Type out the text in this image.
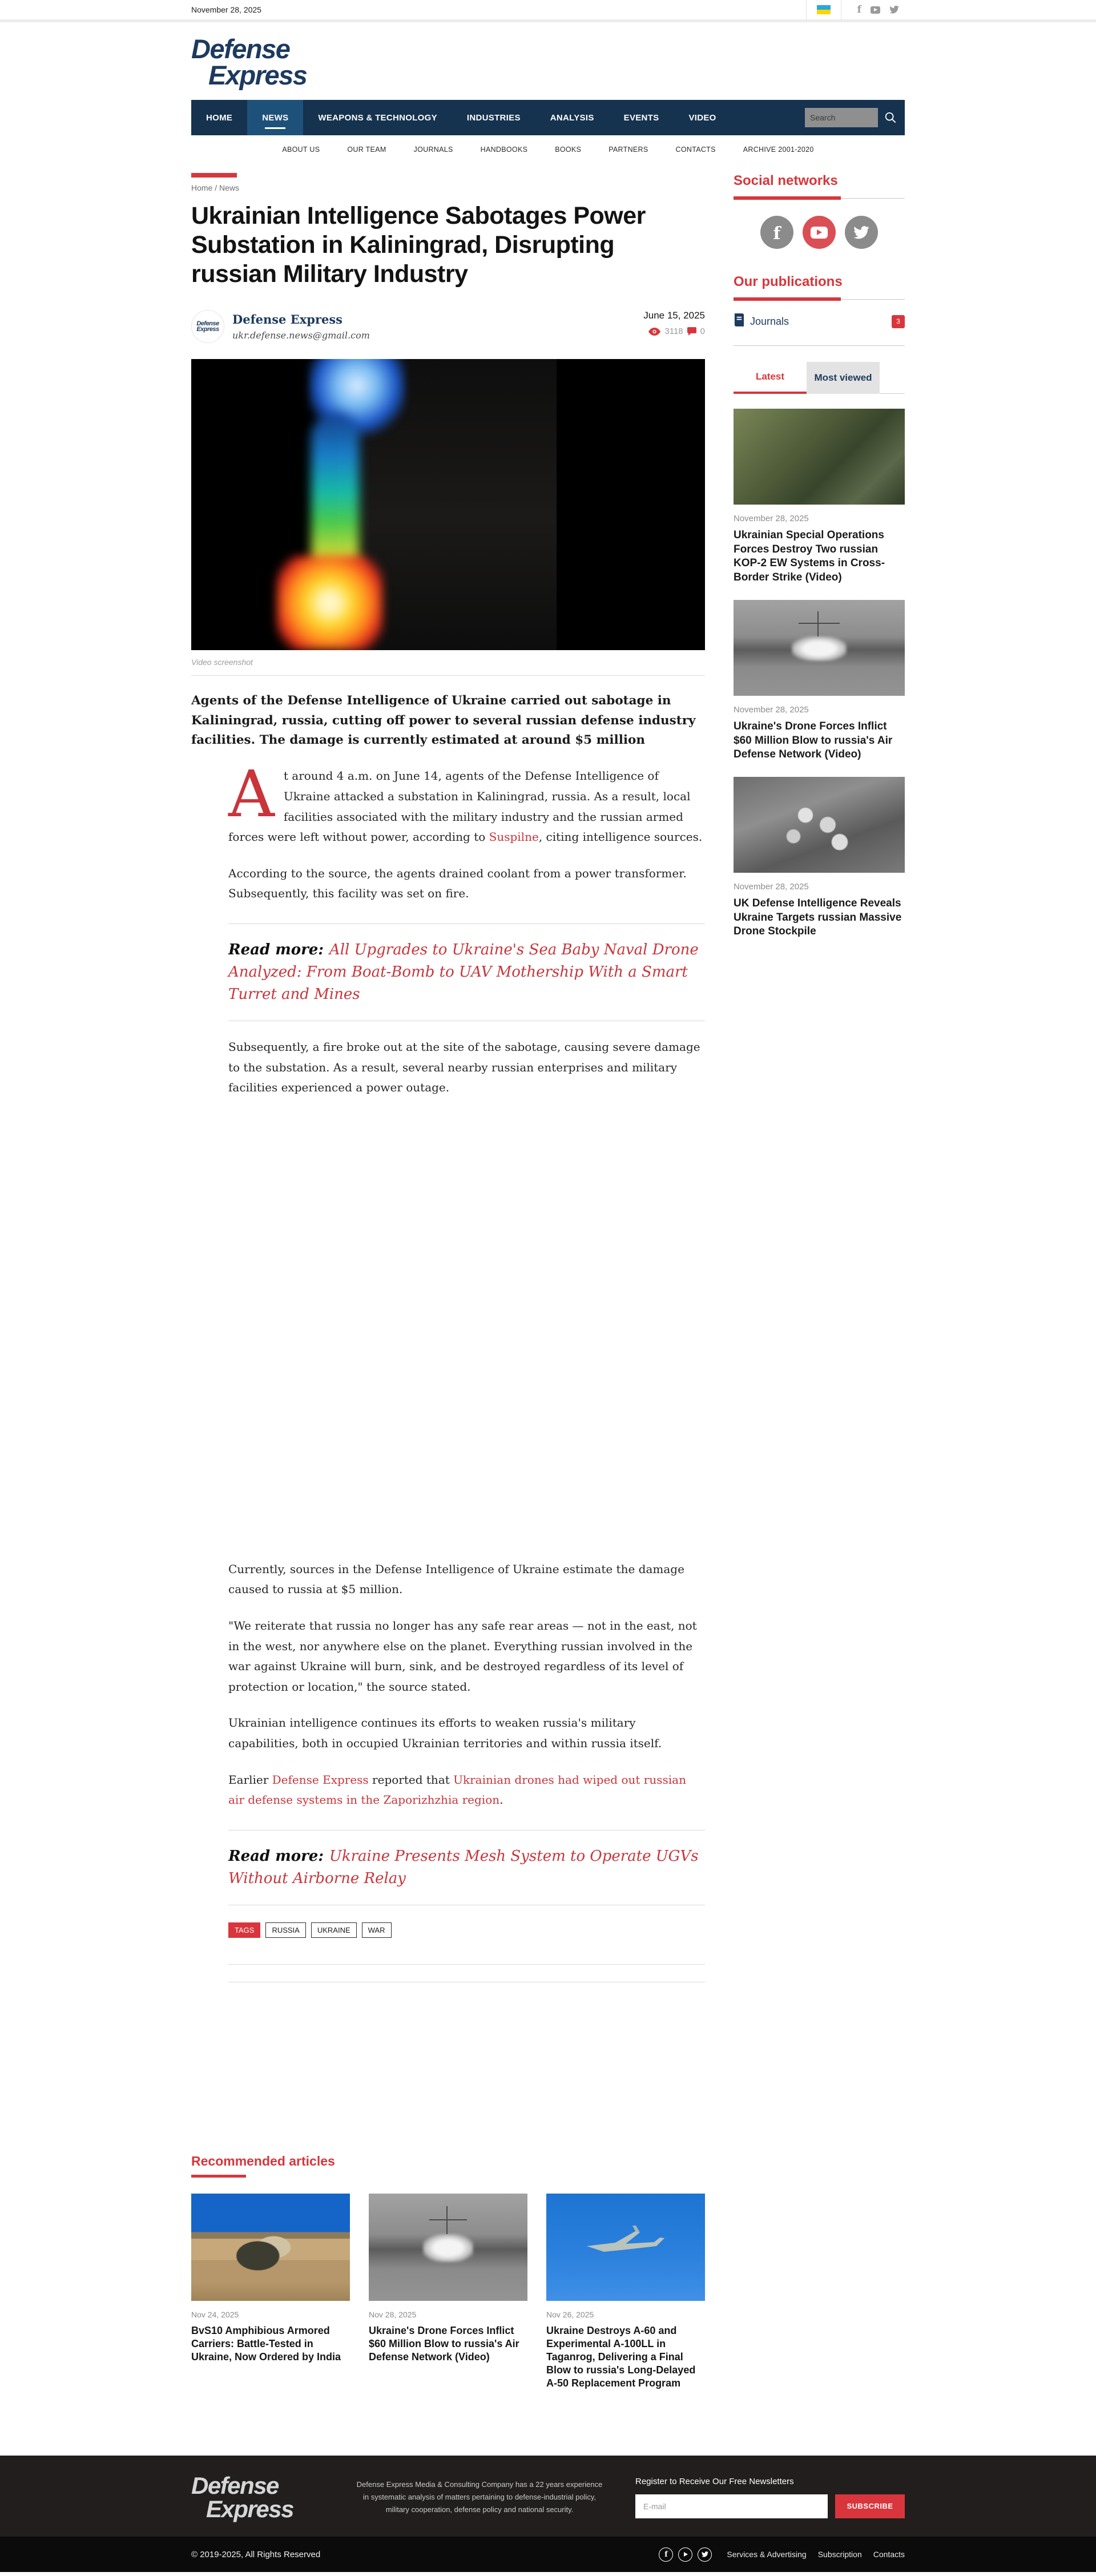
November 28, 2025	f
Defense
Express
HOME	NEWS	WEAPONS & TECHNOLOGY	INDUSTRIES	ANALYSIS	EVENTS	VIDEO
Search
ABOUT US	OUR TEAM	JOURNALS	HANDBOOKS	BOOKS	PARTNERS	CONTACTS	ARCHIVE 2001-2020
Home / News
Ukrainian Intelligence Sabotages Power Substation in Kaliningrad, Disrupting russian Military Industry
Defense
Express
Defense Express
ukr.defense.news@gmail.com
June 15, 2025
3118 0
Video screenshot

Agents of the Defense Intelligence of Ukraine carried out sabotage in Kaliningrad, russia, cutting off power to several russian defense industry facilities. The damage is currently estimated at around $5 million

At around 4 a.m. on June 14, agents of the Defense Intelligence of Ukraine attacked a substation in Kaliningrad, russia. As a result, local facilities associated with the military industry and the russian armed forces were left without power, according to Suspilne, citing intelligence sources.

According to the source, the agents drained coolant from a power transformer. Subsequently, this facility was set on fire.

Read more: All Upgrades to Ukraine's Sea Baby Naval Drone Analyzed: From Boat-Bomb to UAV Mothership With a Smart Turret and Mines

Subsequently, a fire broke out at the site of the sabotage, causing severe damage to the substation. As a result, several nearby russian enterprises and military facilities experienced a power outage.

Currently, sources in the Defense Intelligence of Ukraine estimate the damage caused to russia at $5 million.

"We reiterate that russia no longer has any safe rear areas — not in the east, not in the west, nor anywhere else on the planet. Everything russian involved in the war against Ukraine will burn, sink, and be destroyed regardless of its level of protection or location," the source stated.

Ukrainian intelligence continues its efforts to weaken russia's military capabilities, both in occupied Ukrainian territories and within russia itself.

Earlier Defense Express reported that Ukrainian drones had wiped out russian air defense systems in the Zaporizhzhia region.

Read more: Ukraine Presents Mesh System to Operate UGVs Without Airborne Relay
TAGS	RUSSIA	UKRAINE	WAR
Recommended articles
Nov 24, 2025
BvS10 Amphibious Armored Carriers: Battle-Tested in Ukraine, Now Ordered by India
Nov 28, 2025
Ukraine's Drone Forces Inflict $60 Million Blow to russia's Air Defense Network (Video)
Nov 26, 2025
Ukraine Destroys A-60 and Experimental A-100LL in Taganrog, Delivering a Final Blow to russia's Long-Delayed A-50 Replacement Program
Social networks
f
Our publications
Journals	3
Latest	Most viewed
November 28, 2025
Ukrainian Special Operations Forces Destroy Two russian KOP-2 EW Systems in Cross-Border Strike (Video)
November 28, 2025
Ukraine's Drone Forces Inflict $60 Million Blow to russia's Air Defense Network (Video)
November 28, 2025
UK Defense Intelligence Reveals Ukraine Targets russian Massive Drone Stockpile
Defense
Express
Defense Express Media & Consulting Company has a 22 years experience in systematic analysis of matters pertaining to defense-industrial policy, military cooperation, defense policy and national security.
Register to Receive Our Free Newsletters
E-mail
SUBSCRIBE
© 2019-2025, All Rights Reserved	f	Services & Advertising Subscription Contacts
